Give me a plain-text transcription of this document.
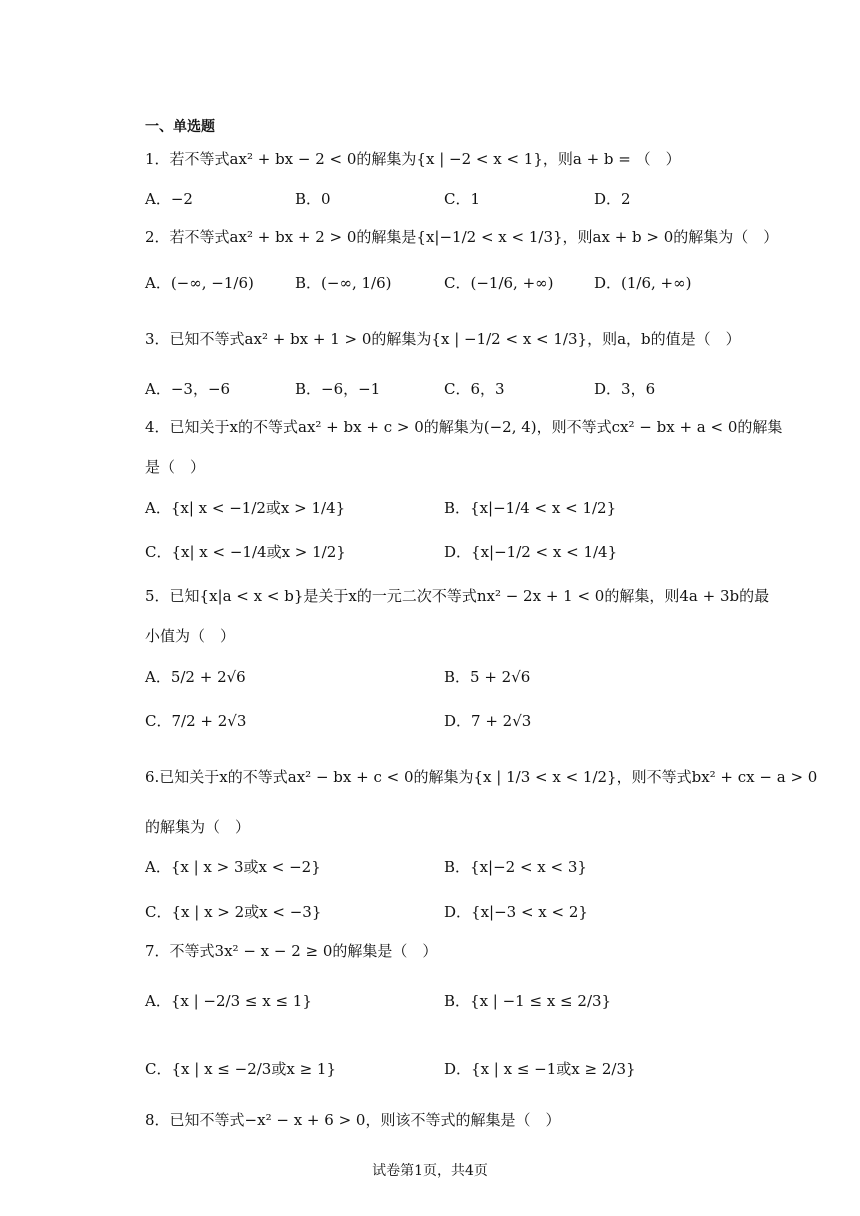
一、单选题
1．若不等式ax² + bx − 2 < 0的解集为{x | −2 < x < 1}，则a + b = （　）
A．−2	B．0	C．1	D．2
2．若不等式ax² + bx + 2 > 0的解集是{x|−1/2 < x < 1/3}，则ax + b > 0的解集为（　）
A．(−∞, −1/6)	B．(−∞, 1/6)	C．(−1/6, +∞)	D．(1/6, +∞)
3．已知不等式ax² + bx + 1 > 0的解集为{x | −1/2 < x < 1/3}，则a，b的值是（　）
A．−3，−6	B．−6，−1	C．6，3	D．3，6
4．已知关于x的不等式ax² + bx + c > 0的解集为(−2, 4)，则不等式cx² − bx + a < 0的解集
是（　）
A．{x| x < −1/2或x > 1/4}	B．{x|−1/4 < x < 1/2}
C．{x| x < −1/4或x > 1/2}	D．{x|−1/2 < x < 1/4}
5．已知{x|a < x < b}是关于x的一元二次不等式nx² − 2x + 1 < 0的解集，则4a + 3b的最
小值为（　）
A．5/2 + 2√6	B．5 + 2√6
C．7/2 + 2√3	D．7 + 2√3
6.已知关于x的不等式ax² − bx + c < 0的解集为{x | 1/3 < x < 1/2}，则不等式bx² + cx − a > 0
的解集为（　）
A．{x | x > 3或x < −2}	B．{x|−2 < x < 3}
C．{x | x > 2或x < −3}	D．{x|−3 < x < 2}
7．不等式3x² − x − 2 ≥ 0的解集是（　）
A．{x | −2/3 ≤ x ≤ 1}	B．{x | −1 ≤ x ≤ 2/3}
C．{x | x ≤ −2/3或x ≥ 1}	D．{x | x ≤ −1或x ≥ 2/3}
8．已知不等式−x² − x + 6 > 0，则该不等式的解集是（　）
试卷第1页，共4页
